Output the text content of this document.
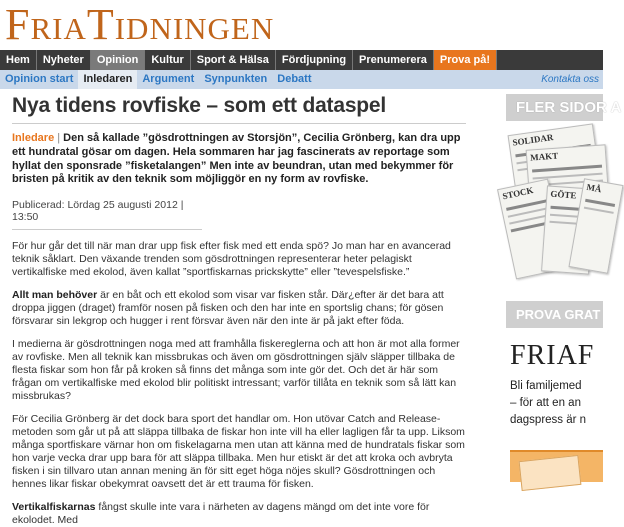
FriaTidningen
Hem	Nyheter	Opinion	Kultur	Sport & Hälsa	Fördjupning	Prenumerera	Prova på!
Opinion start Inledaren Argument Synpunkten Debatt	Kontakta oss
Nya tidens rovfiske – som ett dataspel

Inledare | Den så kallade ”gösdrottningen av Storsjön”, Cecilia Grönberg, kan dra upp ett hundratal gösar om dagen. Hela sommaren har jag fascinerats av reportage som hyllat den sponsrade ”fisketalangen” Men inte av beundran, utan med bekymmer för bristen på kritik av den teknik som möjliggör en ny form av rovfiske.

Publicerad: Lördag 25 augusti 2012 | 13:50

För hur går det till när man drar upp fisk efter fisk med ett enda spö? Jo man har en avancerad teknik såklart. Den växande trenden som gösdrottningen representerar heter pelagiskt vertikalfiske med ekolod, även kallat ”sportfiskarnas prickskytte” eller ”tevespelsfiske.”

Allt man behöver är en båt och ett ekolod som visar var fisken står. Där¿efter är det bara att droppa jiggen (draget) framför nosen på fisken och den har inte en sportslig chans; för gösen försvarar sin lekgrop och hugger i rent försvar även när den inte är på jakt efter föda.

I medierna är gösdrottningen noga med att framhålla fiskereglerna och att hon är mot alla former av rovfiske. Men all teknik kan missbrukas och även om gösdrottningen själv släpper tillbaka de flesta fiskar som hon får på kroken så finns det många som inte gör det. Och det är här som frågan om vertikalfiske med ekolod blir politiskt intressant; varför tillåta en teknik som så lätt kan missbrukas?

För Cecilia Grönberg är det dock bara sport det handlar om. Hon utövar Catch and Release-metoden som går ut på att släppa tillbaka de fiskar hon inte vill ha eller lagligen får ta upp. Liksom många sportfiskare värnar hon om fiskelagarna men utan att känna med de hundratals fiskar som hon varje vecka drar upp bara för att släppa tillbaka. Men hur etiskt är det att kroka och avbryta fisken i sin tillvaro utan annan mening än för sitt eget höga nöjes skull? Gösdrottningen och hennes likar fiskar obekymrat oavsett det är ett trauma för fisken.

Vertikalfiskarnas fångst skulle inte vara i närheten av dagens mängd om det inte vore för ekolodet. Med

FLER SIDOR A
SOLIDAR
MAKT
STOCK	GÖTE
MÅ
PROVA GRAT
FRIAF
Bli familjemed
– för att en an
dagspress är n
